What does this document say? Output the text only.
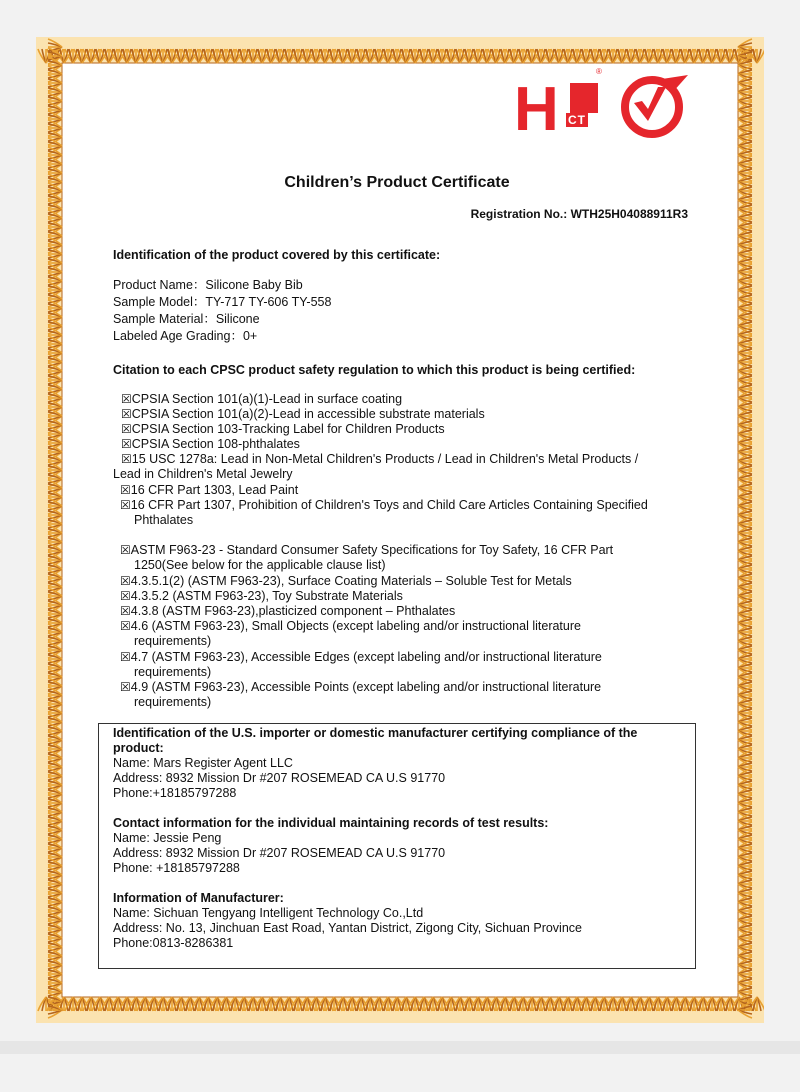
®
H CT
Children’s Product Certificate
Registration No.: WTH25H04088911R3
Identification of the product covered by this certificate:
Product Name：Silicone Baby Bib
Sample Model：TY-717 TY-606 TY-558
Sample Material：Silicone
Labeled Age Grading：0+
Citation to each CPSC product safety regulation to which this product is being certified:
☒CPSIA Section 101(a)(1)-Lead in surface coating
☒CPSIA Section 101(a)(2)-Lead in accessible substrate materials
☒CPSIA Section 103-Tracking Label for Children Products
☒CPSIA Section 108-phthalates
☒15 USC 1278a: Lead in Non-Metal Children's Products / Lead in Children's Metal Products /
Lead in Children's Metal Jewelry
☒16 CFR Part 1303, Lead Paint
☒16 CFR Part 1307, Prohibition of Children's Toys and Child Care Articles Containing Specified
Phthalates
☒ASTM F963-23 - Standard Consumer Safety Specifications for Toy Safety, 16 CFR Part
1250(See below for the applicable clause list)
☒4.3.5.1(2) (ASTM F963-23), Surface Coating Materials – Soluble Test for Metals
☒4.3.5.2 (ASTM F963-23), Toy Substrate Materials
☒4.3.8 (ASTM F963-23),plasticized component – Phthalates
☒4.6 (ASTM F963-23), Small Objects (except labeling and/or instructional literature
requirements)
☒4.7 (ASTM F963-23), Accessible Edges (except labeling and/or instructional literature
requirements)
☒4.9 (ASTM F963-23), Accessible Points (except labeling and/or instructional literature
requirements)
Identification of the U.S. importer or domestic manufacturer certifying compliance of the
product:
Name: Mars Register Agent LLC
Address: 8932 Mission Dr #207 ROSEMEAD CA U.S 91770
Phone:+18185797288
Contact information for the individual maintaining records of test results:
Name: Jessie Peng
Address: 8932 Mission Dr #207 ROSEMEAD CA U.S 91770
Phone: +18185797288
Information of Manufacturer:
Name: Sichuan Tengyang Intelligent Technology Co.,Ltd
Address: No. 13, Jinchuan East Road, Yantan District, Zigong City, Sichuan Province
Phone:0813-8286381
